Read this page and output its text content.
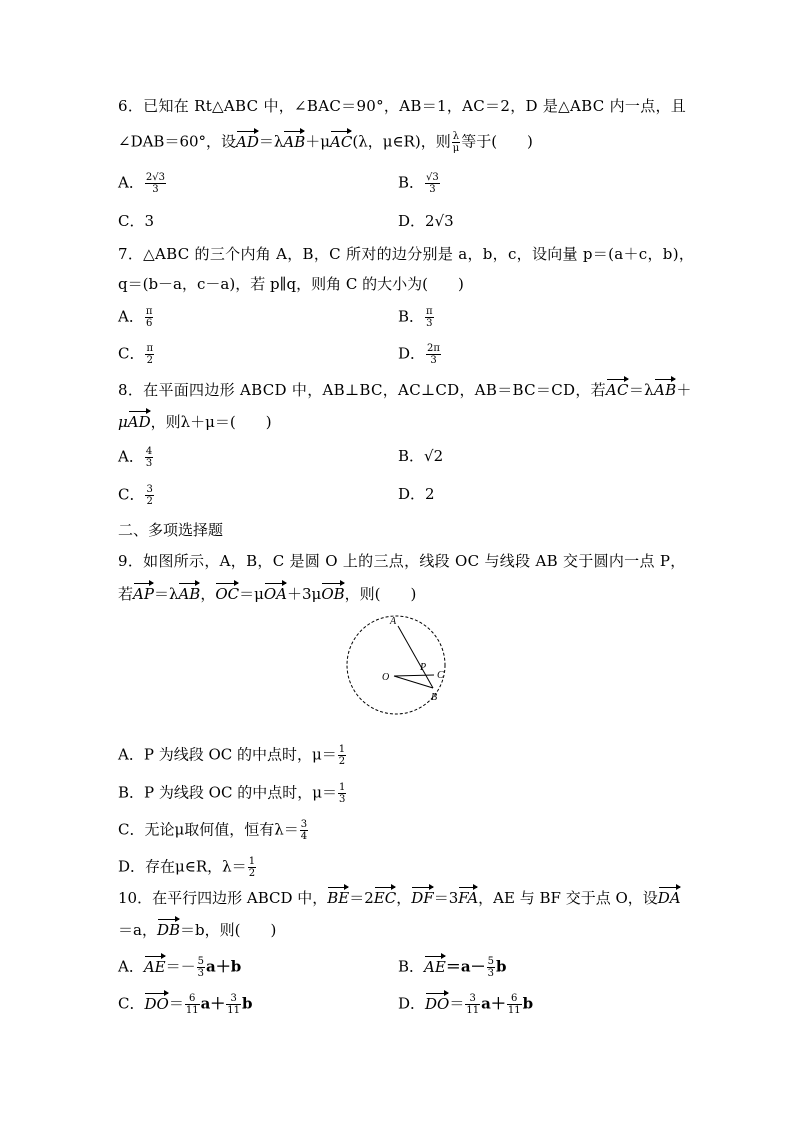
6．已知在 Rt△ABC 中，∠BAC＝90°，AB＝1，AC＝2，D 是△ABC 内一点，且
∠DAB＝60°，设AD＝λAB＋μAC(λ，μ∈R)，则 $\frac{\lambda}{\mu}$ 等于(　　)
A． $\frac{2√3}{3}$	B． $\frac{√3}{3}$
C．3	D．2√3
7．△ABC 的三个内角 A，B，C 所对的边分别是 a，b，c，设向量 p＝(a＋c，b)，
q＝(b－a，c－a)，若 p∥q，则角 C 的大小为(　　)
A． $\frac{\pi}{6}$	B． $\frac{\pi}{3}$
C． $\frac{\pi}{2}$	D． $\frac{2\pi}{3}$
8．在平面四边形 ABCD 中，AB⊥BC，AC⊥CD，AB＝BC＝CD，若AC＝λAB＋
μAD，则λ＋μ＝(　　)
A． $\frac{4}{3}$	B．√2
C． $\frac{3}{2}$	D．2
二、多项选择题
9．如图所示，A，B，C 是圆 O 上的三点，线段 OC 与线段 AB 交于圆内一点 P，
若AP＝λAB，OC＝μOA＋3μOB，则(　　)
A
P
C
O
B
A．P 为线段 OC 的中点时，$\mu= \frac{1}{2}$
B．P 为线段 OC 的中点时，$\mu= \frac{1}{3}$
C．无论μ取何值，恒有$\lambda= \frac{3}{4}$
D．存在μ∈R，$\lambda= \frac{1}{2}$
10．在平行四边形 ABCD 中，BE＝2EC，DF＝3FA，AE 与 BF 交于点 O，设DA
＝a，DB＝b，则(　　)
A．$AE=- \frac{5}{3} a+b$	B．$AE=a- \frac{5}{3}$ b
C．$DO= \frac{6}{11} a+ \frac{3}{11}$ b	D．$DO= \frac{3}{11} a+ \frac{6}{11}$ b
